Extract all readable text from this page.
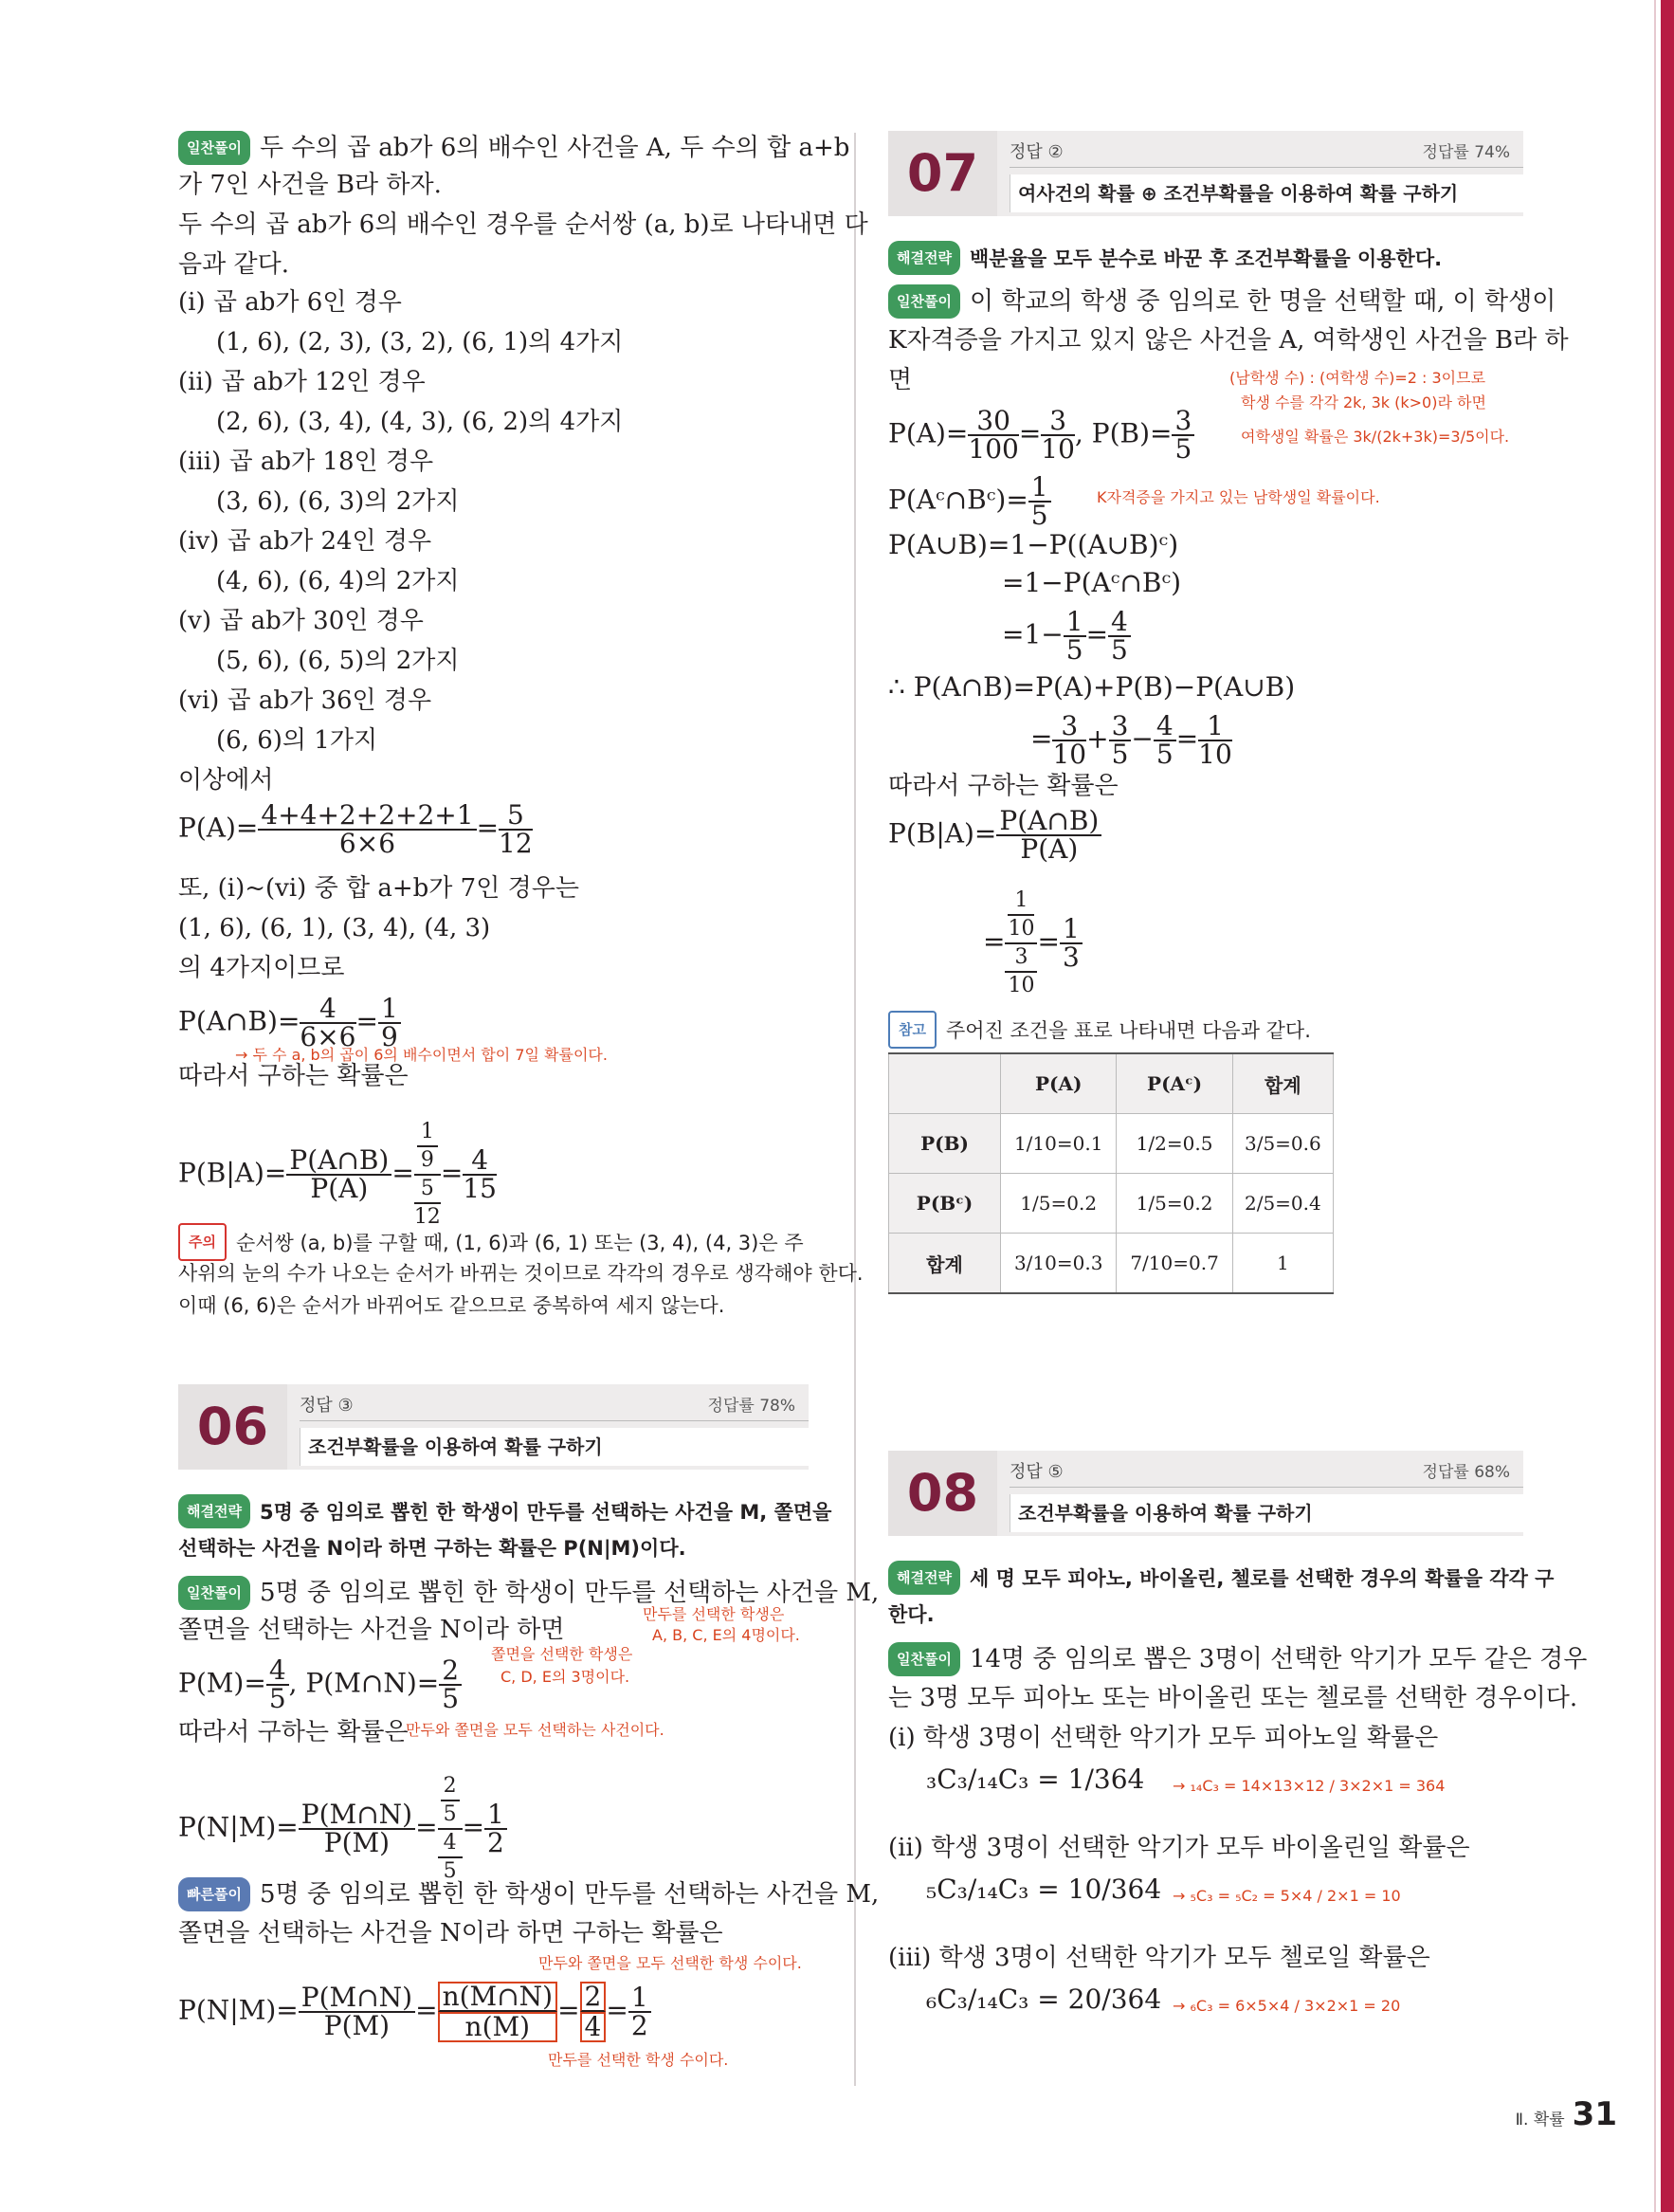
일찬풀이 두 수의 곱 ab가 6의 배수인 사건을 A, 두 수의 합 a+b
가 7인 사건을 B라 하자.
두 수의 곱 ab가 6의 배수인 경우를 순서쌍 (a, b)로 나타내면 다
음과 같다.
(i) 곱 ab가 6인 경우
(1, 6), (2, 3), (3, 2), (6, 1)의 4가지
(ii) 곱 ab가 12인 경우
(2, 6), (3, 4), (4, 3), (6, 2)의 4가지
(iii) 곱 ab가 18인 경우
(3, 6), (6, 3)의 2가지
(iv) 곱 ab가 24인 경우
(4, 6), (6, 4)의 2가지
(v) 곱 ab가 30인 경우
(5, 6), (6, 5)의 2가지
(vi) 곱 ab가 36인 경우
(6, 6)의 1가지
이상에서
$P(A)= \frac{4+4+2+2+2+1}{6\times 6} = \frac{5}{12}$
또, (i)~(vi) 중 합 a+b가 7인 경우는
(1, 6), (6, 1), (3, 4), (4, 3)
의 4가지이므로
P(A∩B)= $\frac{4}{6\times 6} = \frac{1}{9}$
→ 두 수 a, b의 곱이 6의 배수이면서 합이 7일 확률이다.
따라서 구하는 확률은
$P(B|A)= \frac{P(A\cap B)}{P(A)} = 1$
9
5
$12 = \frac{4}{15}$
주의 순서쌍 (a, b)를 구할 때, (1, 6)과 (6, 1) 또는 (3, 4), (4, 3)은 주
사위의 눈의 수가 나오는 순서가 바뀌는 것이므로 각각의 경우로 생각해야 한다.
이때 (6, 6)은 순서가 바뀌어도 같으므로 중복하여 세지 않는다.
06	정답 ③	정답률 78%
조건부확률을 이용하여 확률 구하기
해결전략 5명 중 임의로 뽑힌 한 학생이 만두를 선택하는 사건을 M, 쫄면을
선택하는 사건을 N이라 하면 구하는 확률은 P(N|M)이다.
일찬풀이 5명 중 임의로 뽑힌 한 학생이 만두를 선택하는 사건을 M,
쫄면을 선택하는 사건을 N이라 하면
만두를 선택한 학생은
A, B, C, E의 4명이다.
쫄면을 선택한 학생은
C, D, E의 3명이다.
$P(M)= \frac{4}{5}$ , P(M∩N)= $\frac{2}{5}$
따라서 구하는 확률은
만두와 쫄면을 모두 선택하는 사건이다.
$P(N|M)= \frac{P(M\cap N)}{P(M)} = 2$
5
4
$5 = \frac{1}{2}$
빠른풀이 5명 중 임의로 뽑힌 한 학생이 만두를 선택하는 사건을 M,
쫄면을 선택하는 사건을 N이라 하면 구하는 확률은
만두와 쫄면을 모두 선택한 학생 수이다.
$P(N|M)= \frac{P(M\cap N)}{P(M)} = \frac{n(M\cap N)}{n(M)} = \frac{2}{4} = \frac{1}{2}$
만두를 선택한 학생 수이다.
07	정답 ②	정답률 74%
여사건의 확률 ⊕ 조건부확률을 이용하여 확률 구하기
해결전략 백분율을 모두 분수로 바꾼 후 조건부확률을 이용한다.
일찬풀이 이 학교의 학생 중 임의로 한 명을 선택할 때, 이 학생이
K자격증을 가지고 있지 않은 사건을 A, 여학생인 사건을 B라 하
면	(남학생 수) : (여학생 수)=2 : 3이므로
학생 수를 각각 2k, 3k (k>0)라 하면
여학생일 확률은 3k/(2k+3k)=3/5이다.
$P(A)= \frac{30}{100} = \frac{3}{10}$ , $P(B)= \frac{3}{5}$
P(Aᶜ∩Bᶜ)= $\frac{1}{5}$	K자격증을 가지고 있는 남학생일 확률이다.
P(A∪B)=1−P((A∪B)ᶜ)
=1−P(Aᶜ∩Bᶜ)
$=1- \frac{1}{5} = \frac{4}{5}$
∴ P(A∩B)=P(A)+P(B)−P(A∪B)
= $\frac{3}{10} + \frac{3}{5} - \frac{4}{5} = \frac{1}{10}$
따라서 구하는 확률은
$P(B|A)= \frac{P(A\cap B)}{P(A)}$
= 1
10
3
$10 = \frac{1}{3}$
참고 주어진 조건을 표로 나타내면 다음과 같다.
	P(A)	P(Aᶜ)	합계
P(B)	1/10=0.1	1/2=0.5	3/5=0.6
P(Bᶜ)	1/5=0.2	1/5=0.2	2/5=0.4
합계	3/10=0.3	7/10=0.7	1
08	정답 ⑤	정답률 68%
조건부확률을 이용하여 확률 구하기
해결전략 세 명 모두 피아노, 바이올린, 첼로를 선택한 경우의 확률을 각각 구
한다.
일찬풀이 14명 중 임의로 뽑은 3명이 선택한 악기가 모두 같은 경우
는 3명 모두 피아노 또는 바이올린 또는 첼로를 선택한 경우이다.
(i) 학생 3명이 선택한 악기가 모두 피아노일 확률은
₃C₃/₁₄C₃ = 1/364 → ₁₄C₃ = 14×13×12 / 3×2×1 = 364
(ii) 학생 3명이 선택한 악기가 모두 바이올린일 확률은
₅C₃/₁₄C₃ = 10/364 → ₅C₃ = ₅C₂ = 5×4 / 2×1 = 10
(iii) 학생 3명이 선택한 악기가 모두 첼로일 확률은
₆C₃/₁₄C₃ = 20/364 → ₆C₃ = 6×5×4 / 3×2×1 = 20
Ⅱ. 확률 31
